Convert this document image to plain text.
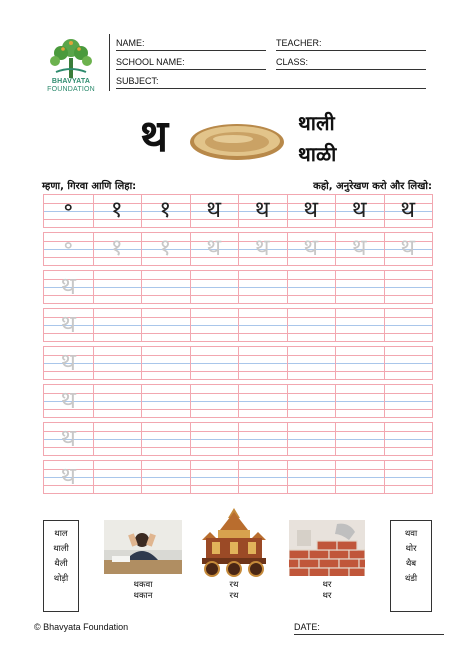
BHAVYATA
FOUNDATION
NAME:	TEACHER:
SCHOOL NAME:	CLASS:
SUBJECT:
थ	थाली
थाळी
म्हणा, गिरवा आणि लिहा:	कहो, अनुरेखण करो और लिखो:
॰	१	१	थ	थ	थ	थ	थ
॰	१	१	थ	थ	थ	थ	थ
थ
थ
थ
थ
थ
थ
थाल
थाली
थैली
थोड़ी
थवा
थोर
थैब
थंडी
थकवा
थकान
रथ
रथ
थर
थर
© Bhavyata Foundation	DATE:
